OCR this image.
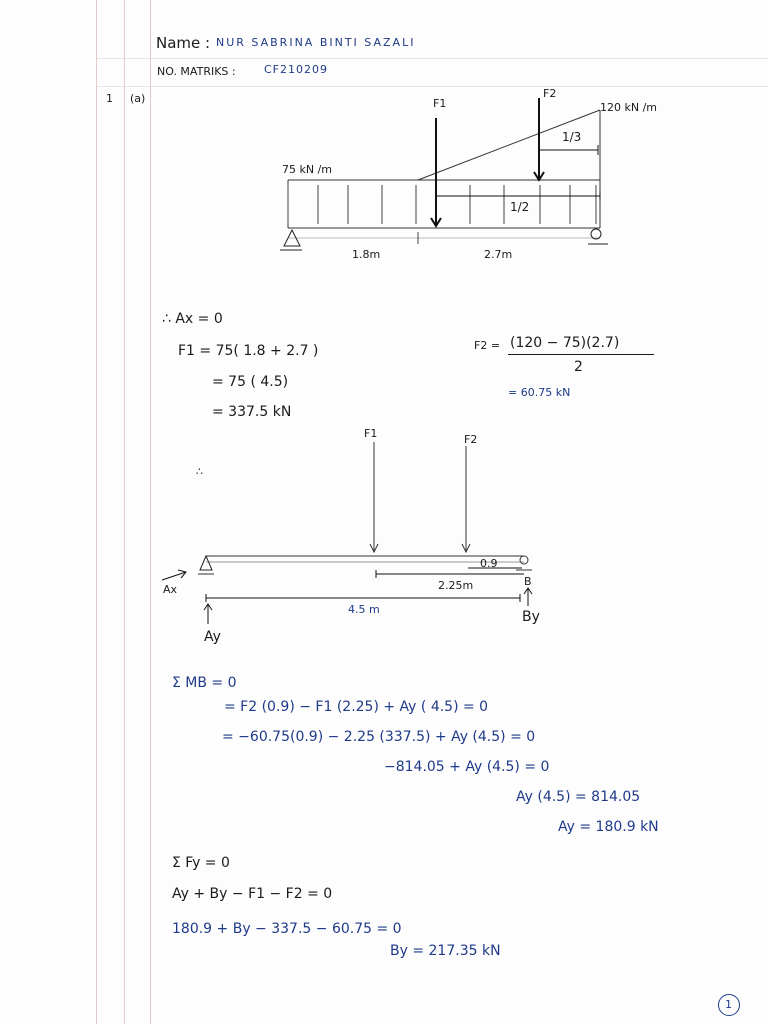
Name : NUR SABRINA BINTI SAZALI
NO. MATRIKS :	CF210209
1 (a)	F1
F2
120 kN /m
75 kN /m
1/3
1/2
1.8m	2.7m
∴ Ax = 0
F1 = 75( 1.8 + 2.7 )
= 75 ( 4.5)
= 337.5 kN
F2 = (120 − 75)(2.7)
2
= 60.75 kN
∴
F1	F2
0.9
B
2.25m
Ax
4.5 m
Ay
By
Σ MB = 0
= F2 (0.9) − F1 (2.25) + Ay ( 4.5) = 0
= −60.75(0.9) − 2.25 (337.5) + Ay (4.5) = 0
−814.05 + Ay (4.5) = 0
Ay (4.5) = 814.05
Ay = 180.9 kN
Σ Fy = 0
Ay + By − F1 − F2 = 0
180.9 + By − 337.5 − 60.75 = 0
By = 217.35 kN
1
